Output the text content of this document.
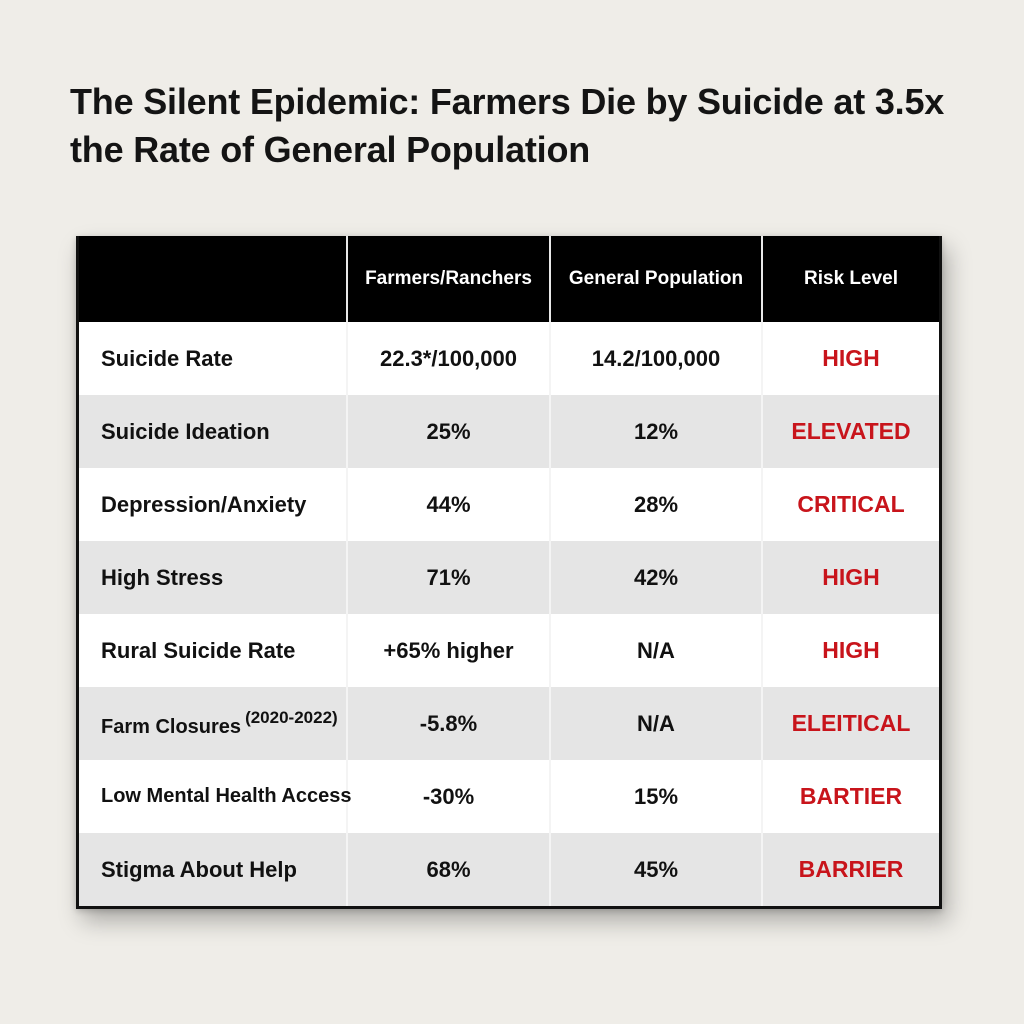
The Silent Epidemic: Farmers Die by Suicide at 3.5x the Rate of General Population
	Farmers/Ranchers	General Population	Risk Level
Suicide Rate	22.3*/100,000	14.2/100,000	HIGH
Suicide Ideation	25%	12%	ELEVATED
Depression/Anxiety	44%	28%	CRITICAL
High Stress	71%	42%	HIGH
Rural Suicide Rate	+65% higher	N/A	HIGH
Farm Closures $^{(2020-2022)}$	-5.8%	N/A	ELEITICAL
Low Mental Health Access	-30%	15%	BARTIER
Stigma About Help	68%	45%	BARRIER
